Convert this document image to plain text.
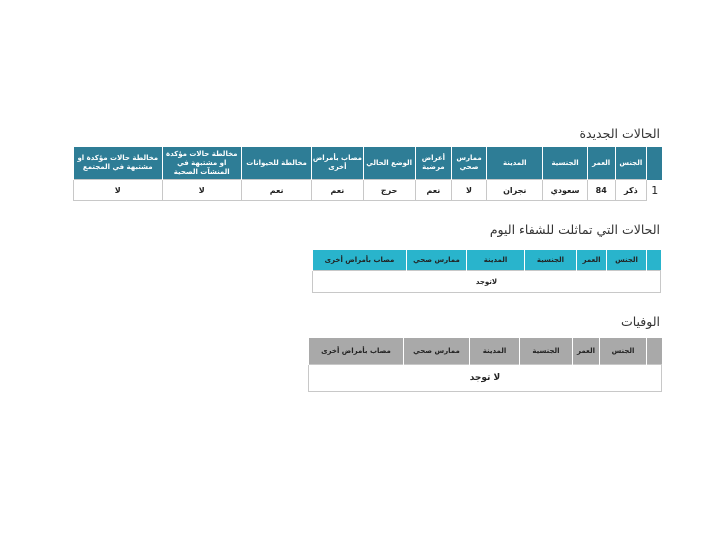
الحالات الجديدة
	الجنس	العمر	الجنسية	المدينة	ممارس صحي	أعراض مرضية	الوضع الحالي	مصاب بأمراض أخرى	مخالطة للحيوانات	مخالطة حالات مؤكدة او مشتبهة في المنشآت الصحية	مخالطة حالات مؤكدة او مشتبهة في المجتمع
1	ذكر	84	سعودي	نجران	لا	نعم	حرج	نعم	نعم	لا	لا
الحالات التي تماثلت للشفاء اليوم
	الجنس	العمر	الجنسية	المدينة	ممارس صحي	مصاب بأمراض أخرى
لاتوجد
الوفيات
	الجنس	العمر	الجنسية	المدينة	ممارس صحي	مصاب بأمراض أخرى
لا توجد
